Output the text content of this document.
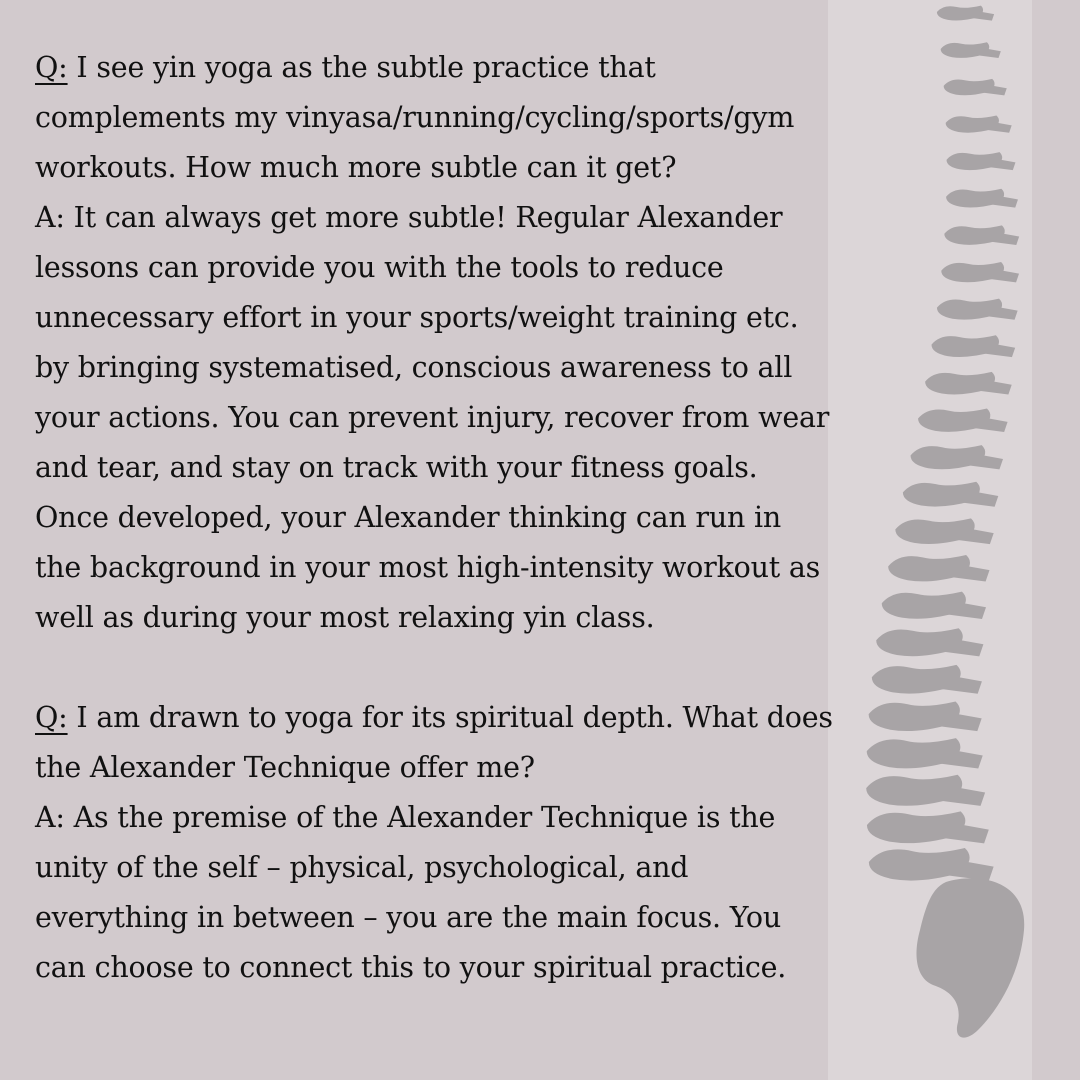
Q: I see yin yoga as the subtle practice that complements my vinyasa/running/cycling/sports/gym workouts. How much more subtle can it get?

A: It can always get more subtle! Regular Alexander lessons can provide you with the tools to reduce unnecessary effort in your sports/weight training etc. by bringing systematised, conscious awareness to all your actions. You can prevent injury, recover from wear and tear, and stay on track with your fitness goals. Once developed, your Alexander thinking can run in the background in your most high-intensity workout as well as during your most relaxing yin class.

Q: I am drawn to yoga for its spiritual depth. What does the Alexander Technique offer me?

A: As the premise of the Alexander Technique is the unity of the self – physical, psychological, and everything in between – you are the main focus. You can choose to connect this to your spiritual practice.
